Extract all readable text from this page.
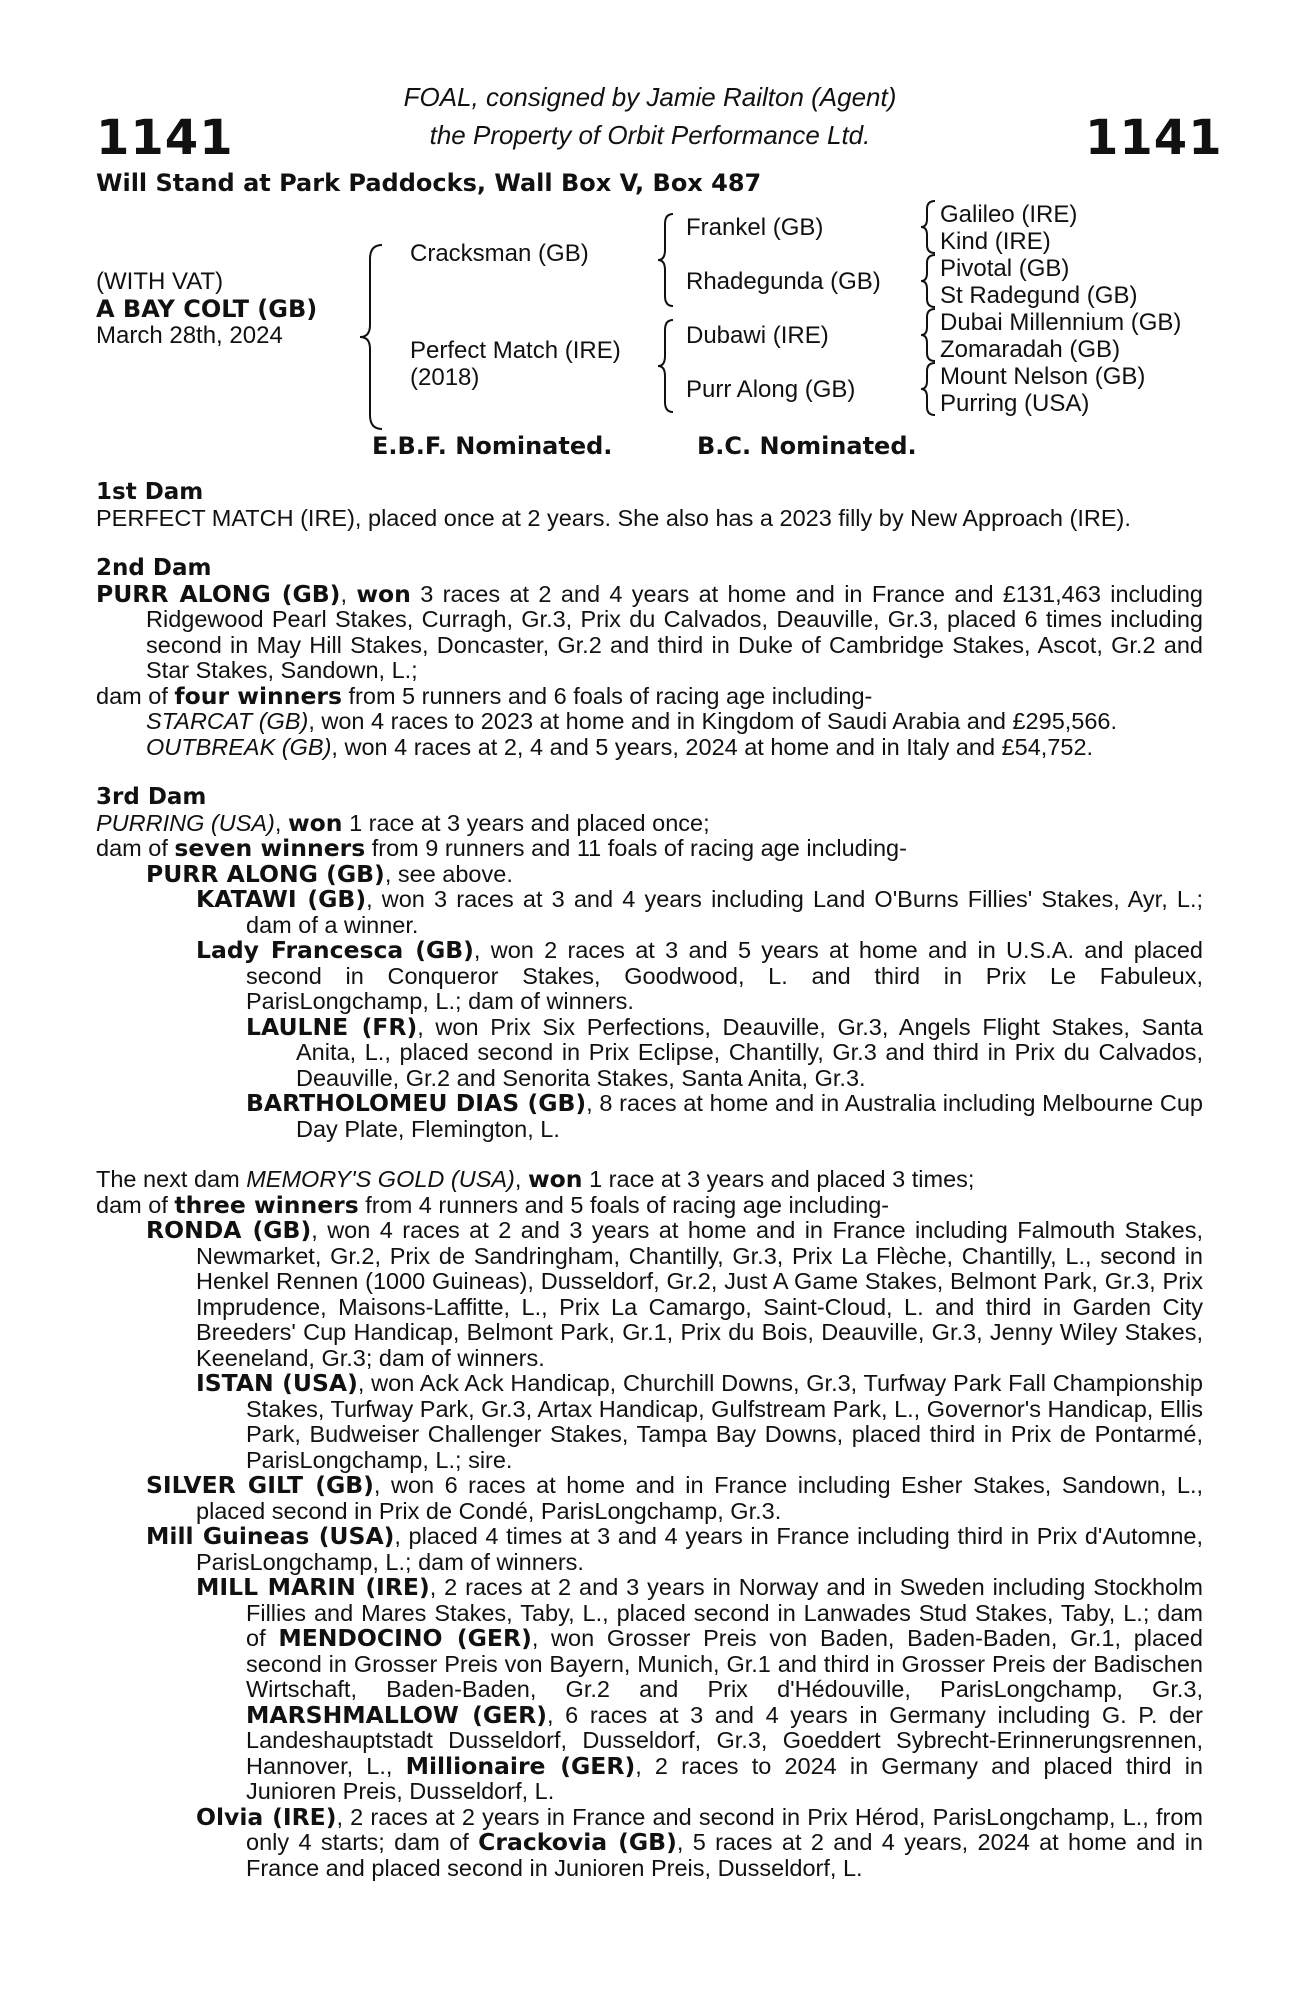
1141
FOAL, consigned by Jamie Railton (Agent)
the Property of Orbit Performance Ltd.	1141
Will Stand at Park Paddocks, Wall Box V, Box 487
(WITH VAT)
A BAY COLT (GB)
March 28th, 2024
Cracksman (GB)
Perfect Match (IRE)
(2018)
Frankel (GB)
Rhadegunda (GB)
Dubawi (IRE)
Purr Along (GB)
Galileo (IRE)
Kind (IRE)
Pivotal (GB)
St Radegund (GB)
Dubai Millennium (GB)
Zomaradah (GB)
Mount Nelson (GB)
Purring (USA)
E.B.F. Nominated.	B.C. Nominated.
1st Dam

PERFECT MATCH (IRE), placed once at 2 years. She also has a 2023 filly by New Approach (IRE).

2nd Dam

PURR ALONG (GB), won 3 races at 2 and 4 years at home and in France and £131,463 including Ridgewood Pearl Stakes, Curragh, Gr.3, Prix du Calvados, Deauville, Gr.3, placed 6 times including second in May Hill Stakes, Doncaster, Gr.2 and third in Duke of Cambridge Stakes, Ascot, Gr.2 and Star Stakes, Sandown, L.;

dam of four winners from 5 runners and 6 foals of racing age including-

STARCAT (GB), won 4 races to 2023 at home and in Kingdom of Saudi Arabia and £295,566.

OUTBREAK (GB), won 4 races at 2, 4 and 5 years, 2024 at home and in Italy and £54,752.

3rd Dam

PURRING (USA), won 1 race at 3 years and placed once;

dam of seven winners from 9 runners and 11 foals of racing age including-

PURR ALONG (GB), see above.

KATAWI (GB), won 3 races at 3 and 4 years including Land O'Burns Fillies' Stakes, Ayr, L.; dam of a winner.

Lady Francesca (GB), won 2 races at 3 and 5 years at home and in U.S.A. and placed second in Conqueror Stakes, Goodwood, L. and third in Prix Le Fabuleux, ParisLongchamp, L.; dam of winners.

LAULNE (FR), won Prix Six Perfections, Deauville, Gr.3, Angels Flight Stakes, Santa Anita, L., placed second in Prix Eclipse, Chantilly, Gr.3 and third in Prix du Calvados, Deauville, Gr.2 and Senorita Stakes, Santa Anita, Gr.3.

BARTHOLOMEU DIAS (GB), 8 races at home and in Australia including Melbourne Cup Day Plate, Flemington, L.

The next dam MEMORY'S GOLD (USA), won 1 race at 3 years and placed 3 times;

dam of three winners from 4 runners and 5 foals of racing age including-

RONDA (GB), won 4 races at 2 and 3 years at home and in France including Falmouth Stakes, Newmarket, Gr.2, Prix de Sandringham, Chantilly, Gr.3, Prix La Flèche, Chantilly, L., second in Henkel Rennen (1000 Guineas), Dusseldorf, Gr.2, Just A Game Stakes, Belmont Park, Gr.3, Prix Imprudence, Maisons-Laffitte, L., Prix La Camargo, Saint-Cloud, L. and third in Garden City Breeders' Cup Handicap, Belmont Park, Gr.1, Prix du Bois, Deauville, Gr.3, Jenny Wiley Stakes, Keeneland, Gr.3; dam of winners.

ISTAN (USA), won Ack Ack Handicap, Churchill Downs, Gr.3, Turfway Park Fall Championship Stakes, Turfway Park, Gr.3, Artax Handicap, Gulfstream Park, L., Governor's Handicap, Ellis Park, Budweiser Challenger Stakes, Tampa Bay Downs, placed third in Prix de Pontarmé, ParisLongchamp, L.; sire.

SILVER GILT (GB), won 6 races at home and in France including Esher Stakes, Sandown, L., placed second in Prix de Condé, ParisLongchamp, Gr.3.

Mill Guineas (USA), placed 4 times at 3 and 4 years in France including third in Prix d'Automne, ParisLongchamp, L.; dam of winners.

MILL MARIN (IRE), 2 races at 2 and 3 years in Norway and in Sweden including Stockholm Fillies and Mares Stakes, Taby, L., placed second in Lanwades Stud Stakes, Taby, L.; dam of MENDOCINO (GER), won Grosser Preis von Baden, Baden-Baden, Gr.1, placed second in Grosser Preis von Bayern, Munich, Gr.1 and third in Grosser Preis der Badischen Wirtschaft, Baden-Baden, Gr.2 and Prix d'Hédouville, ParisLongchamp, Gr.3, MARSHMALLOW (GER), 6 races at 3 and 4 years in Germany including G. P. der Landeshauptstadt Dusseldorf, Dusseldorf, Gr.3, Goeddert Sybrecht-Erinnerungsrennen, Hannover, L., Millionaire (GER), 2 races to 2024 in Germany and placed third in Junioren Preis, Dusseldorf, L.

Olvia (IRE), 2 races at 2 years in France and second in Prix Hérod, ParisLongchamp, L., from only 4 starts; dam of Crackovia (GB), 5 races at 2 and 4 years, 2024 at home and in France and placed second in Junioren Preis, Dusseldorf, L.
